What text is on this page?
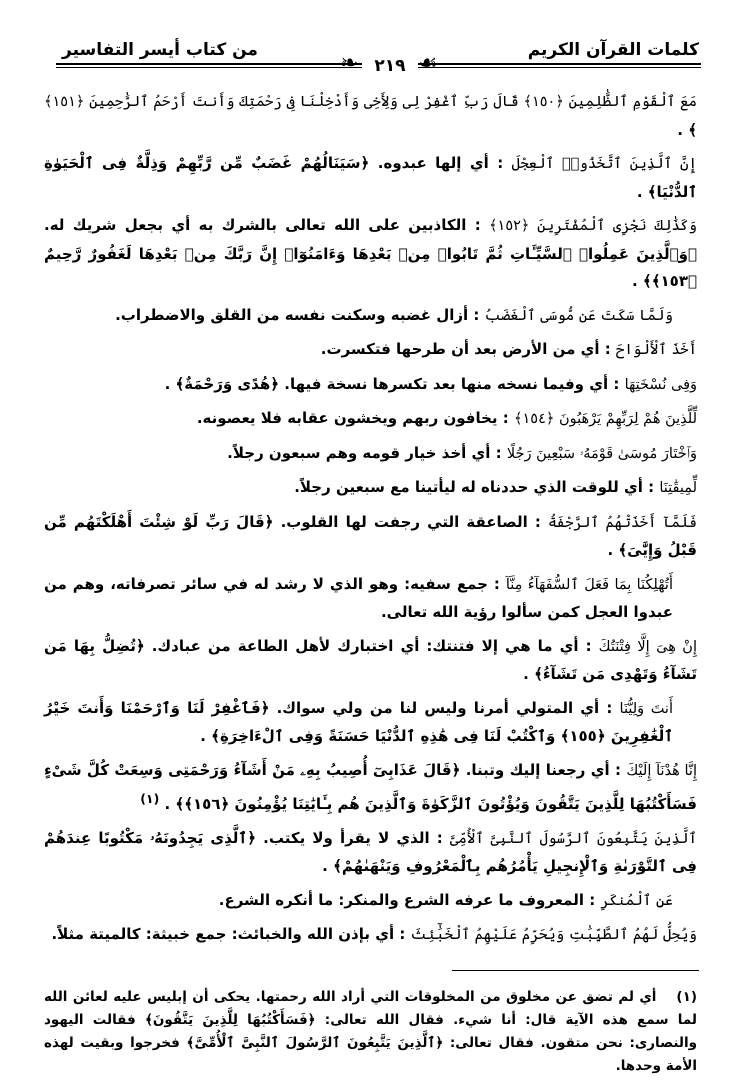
كلمات القرآن الكريم
من كتاب أيسر التفاسير
❧	☙
٢١٩

مَعَ ٱلْقَوْمِ ٱلظَّٰلِمِينَ ﴿١٥٠﴾ قَالَ رَبِّ ٱغْفِرْ لِى وَلِأَخِى وَأَدْخِلْنَا فِى رَحْمَتِكَ وَأَنتَ أَرْحَمُ ٱلرَّٰحِمِينَ ﴿١٥١﴾ ﴾ .

إِنَّ ٱلَّذِينَ ٱتَّخَذُوا۟ ٱلْعِجْلَ : أي إلها عبدوه. ﴿سَيَنَالُهُمْ غَضَبٌ مِّن رَّبِّهِمْ وَذِلَّةٌ فِى ٱلْحَيَوٰةِ ٱلدُّنْيَا﴾ .

وَكَذَٰلِكَ نَجْزِى ٱلْمُفْتَرِينَ ﴿١٥٢﴾ : الكاذبين على الله تعالى بالشرك به أي بجعل شريك له. ﴿وَٱلَّذِينَ عَمِلُوا۟ ٱلسَّيِّـَٔاتِ ثُمَّ تَابُوا۟ مِنۢ بَعْدِهَا وَءَامَنُوٓا۟ إِنَّ رَبَّكَ مِنۢ بَعْدِهَا لَغَفُورٌ رَّحِيمٌ ﴿١٥٣﴾﴾ .

وَلَمَّا سَكَتَ عَن مُّوسَى ٱلْغَضَبُ : أزال غضبه وسكنت نفسه من القلق والاضطراب.

أَخَذَ ٱلْأَلْوَاحَ : أي من الأرض بعد أن طرحها فتكسرت.

وَفِى نُسْخَتِهَا : أي وفيما نسخه منها بعد تكسرها نسخة فيها. ﴿هُدًى وَرَحْمَةٌ﴾ .

لِّلَّذِينَ هُمْ لِرَبِّهِمْ يَرْهَبُونَ ﴿١٥٤﴾ : يخافون ربهم ويخشون عقابه فلا يعصونه.

وَٱخْتَارَ مُوسَىٰ قَوْمَهُۥ سَبْعِينَ رَجُلًا : أي أخذ خيار قومه وهم سبعون رجلاً.

لِّمِيقَٰتِنَا : أي للوقت الذي حددناه له ليأتينا مع سبعين رجلاً.

فَلَمَّآ أَخَذَتْهُمُ ٱلرَّجْفَةُ : الصاعقة التي رجفت لها القلوب. ﴿قَالَ رَبِّ لَوْ شِئْتَ أَهْلَكْتَهُم مِّن قَبْلُ وَإِيَّٰىَ﴾ .

أَتُهْلِكُنَا بِمَا فَعَلَ ٱلسُّفَهَآءُ مِنَّآ : جمع سفيه: وهو الذي لا رشد له في سائر تصرفاته، وهم من عبدوا العجل كمن سألوا رؤية الله تعالى.

إِنْ هِىَ إِلَّا فِتْنَتُكَ : أي ما هي إلا فتنتك: أي اختبارك لأهل الطاعة من عبادك. ﴿تُضِلُّ بِهَا مَن تَشَآءُ وَتَهْدِى مَن تَشَآءُ﴾ .

أَنتَ وَلِيُّنَا : أي المتولي أمرنا وليس لنا من ولي سواك. ﴿فَٱغْفِرْ لَنَا وَٱرْحَمْنَا وَأَنتَ خَيْرُ ٱلْغَٰفِرِينَ ﴿١٥٥﴾ وَٱكْتُبْ لَنَا فِى هَٰذِهِ ٱلدُّنْيَا حَسَنَةً وَفِى ٱلْءَاخِرَةِ﴾ .

إِنَّا هُدْنَآ إِلَيْكَ : أي رجعنا إليك وتبنا. ﴿قَالَ عَذَابِىٓ أُصِيبُ بِهِۦ مَنْ أَشَآءُ وَرَحْمَتِى وَسِعَتْ كُلَّ شَىْءٍ فَسَأَكْتُبُهَا لِلَّذِينَ يَتَّقُونَ وَيُؤْتُونَ ٱلزَّكَوٰةَ وَٱلَّذِينَ هُم بِـَٔايَٰتِنَا يُؤْمِنُونَ ﴿١٥٦﴾﴾ . $^{(١)}$

ٱلَّذِينَ يَتَّبِعُونَ ٱلرَّسُولَ ٱلنَّبِىَّ ٱلْأُمِّىَّ : الذي لا يقرأ ولا يكتب. ﴿ٱلَّذِى يَجِدُونَهُۥ مَكْتُوبًا عِندَهُمْ فِى ٱلتَّوْرَىٰةِ وَٱلْإِنجِيلِ يَأْمُرُهُم بِٱلْمَعْرُوفِ وَيَنْهَىٰهُمْ﴾ .

عَنِ ٱلْمُنكَرِ : المعروف ما عرفه الشرع والمنكر: ما أنكره الشرع.

وَيُحِلُّ لَهُمُ ٱلطَّيِّبَٰتِ وَيُحَرِّمُ عَلَيْهِمُ ٱلْخَبَٰٓئِثَ : أي بإذن الله والخبائث: جمع خبيثة: كالميتة مثلاً.

(١)أي لم تضق عن مخلوق من المخلوقات التي أراد الله رحمتها. يحكى أن إبليس عليه لعائن الله لما سمع هذه الآية قال: أنا شيء. فقال الله تعالى: ﴿فَسَأَكْتُبُهَا لِلَّذِينَ يَتَّقُونَ﴾ فقالت اليهود والنصارى: نحن متقون. فقال تعالى: ﴿ٱلَّذِينَ يَتَّبِعُونَ ٱلرَّسُولَ ٱلنَّبِىَّ ٱلْأُمِّىَّ﴾ فخرجوا وبقيت لهذه الأمة وحدها.
